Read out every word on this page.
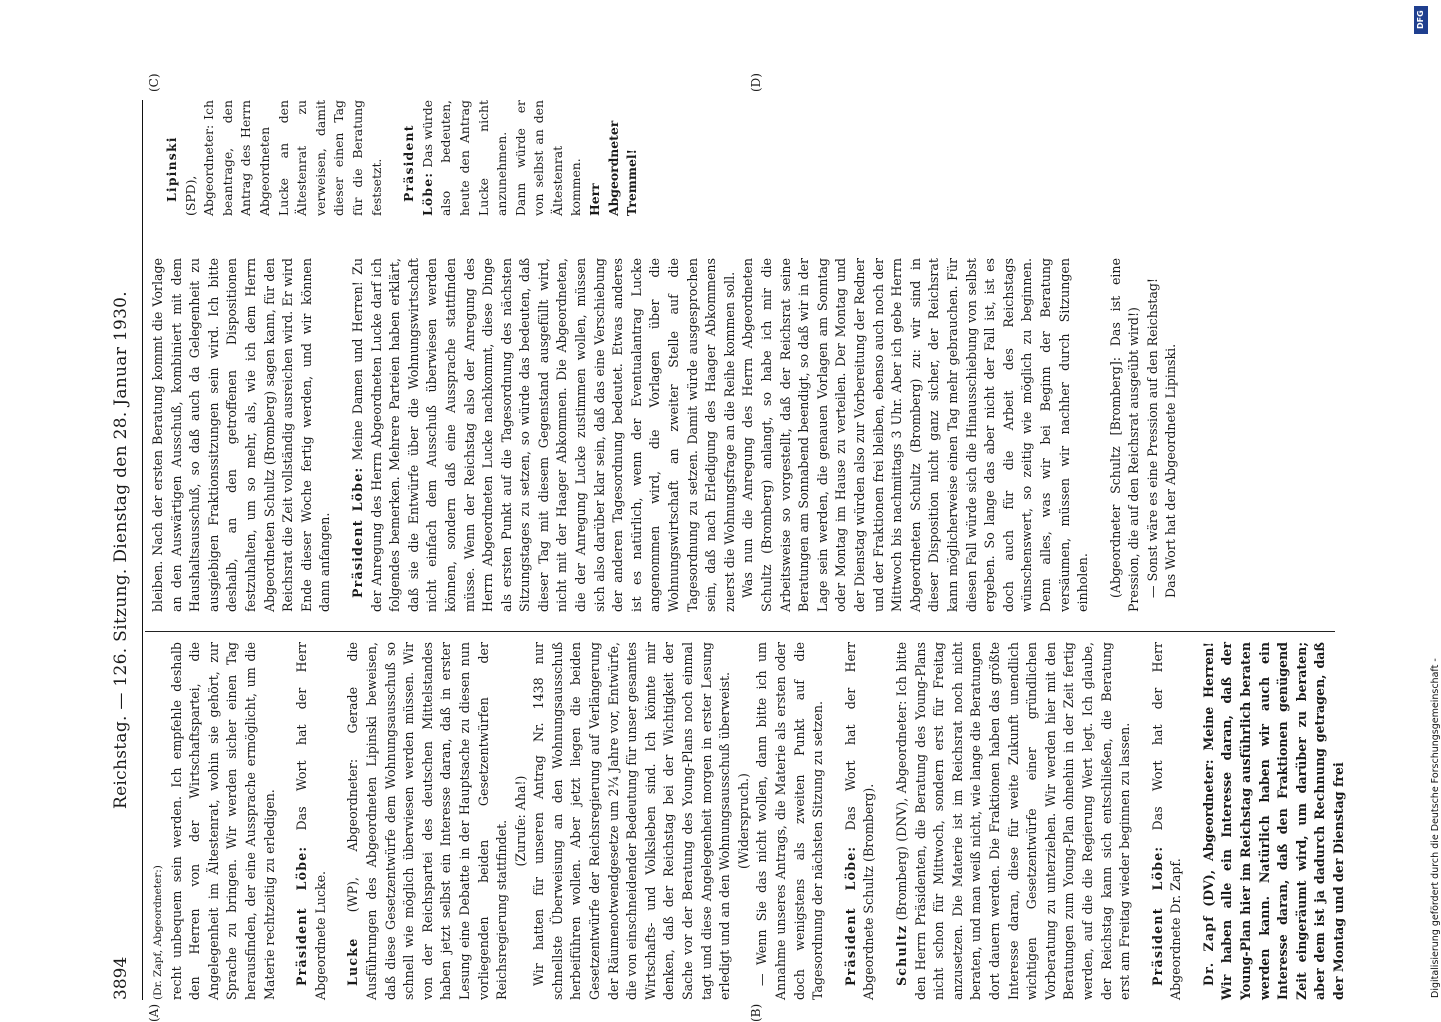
3894
Reichstag. — 126. Sitzung. Dienstag den 28. Januar 1930.
(A)	(B)
(C)	(D)

(Dr. Zapf, Abgeordneter:) recht unbequem sein werden. Ich empfehle deshalb den Herren von der Wirtschaftspartei, die Angelegenheit im Ältestenrat, wohin sie gehört, zur Sprache zu bringen. Wir werden sicher einen Tag herausfinden, der eine Aussprache ermöglicht, um die Materie rechtzeitig zu erledigen. Präsident Löbe: Das Wort hat der Herr Abgeordnete Lucke. Lucke (WP), Abgeordneter: Gerade die Ausführungen des Abgeordneten Lipinski beweisen, daß diese Gesetzentwürfe dem Wohnungsausschuß so schnell wie möglich überwiesen werden müssen. Wir von der Reichspartei des deutschen Mittelstandes haben jetzt selbst ein Interesse daran, daß in erster Lesung eine Debatte in der Hauptsache zu diesen nun vorliegenden beiden Gesetzentwürfen der Reichsregierung stattfindet. (Zurufe: Aha!) Wir hatten für unseren Antrag Nr. 1438 nur schnellste Überweisung an den Wohnungsausschuß herbeiführen wollen. Aber jetzt liegen die beiden Gesetzentwürfe der Reichsregierung auf Verlängerung der Räumenotwendgesetze um 2¼ Jahre vor, Entwürfe, die von einschneidender Bedeutung für unser gesamtes Wirtschafts- und Volksleben sind. Ich könnte mir denken, daß der Reichstag bei der Wichtigkeit der Sache vor der Beratung des Young-Plans noch einmal tagt und diese Angelegenheit morgen in erster Lesung erledigt und an den Wohnungsausschuß überweist. (Widerspruch.) — Wenn Sie das nicht wollen, dann bitte ich um Annahme unseres Antrags, die Materie als ersten oder doch wenigstens als zweiten Punkt auf die Tagesordnung der nächsten Sitzung zu setzen. Präsident Löbe: Das Wort hat der Herr Abgeordnete Schultz (Bromberg). Schultz (Bromberg) (DNV), Abgeordneter: Ich bitte den Herrn Präsidenten, die Beratung des Young-Plans nicht schon für Mittwoch, sondern erst für Freitag anzusetzen. Die Materie ist im Reichsrat noch nicht beraten, und man weiß nicht, wie lange die Beratungen dort dauern werden. Die Fraktionen haben das größte Interesse daran, diese für weite Zukunft unendlich wichtigen Gesetzentwürfe einer gründlichen Vorberatung zu unterziehen. Wir werden hier mit den Beratungen zum Young-Plan ohnehin in der Zeit fertig werden, auf die die Regierung Wert legt. Ich glaube, der Reichstag kann sich entschließen, die Beratung erst am Freitag wieder beginnen zu lassen. Präsident Löbe: Das Wort hat der Herr Abgeordnete Dr. Zapf. Dr. Zapf (DV), Abgeordneter: Meine Herren! Wir haben alle ein Interesse daran, daß der Young-Plan hier im Reichstag ausführlich beraten werden kann. Natürlich haben wir auch ein Interesse daran, daß den Fraktionen genügend Zeit eingeräumt wird, um darüber zu beraten; aber dem ist ja dadurch Rechnung getragen, daß der Montag und der Dienstag frei

bleiben. Nach der ersten Beratung kommt die Vorlage an den Auswärtigen Ausschuß, kombiniert mit dem Haushaltsausschuß, so daß auch da Gelegenheit zu ausgiebigen Fraktionssitzungen sein wird. Ich bitte deshalb, an den getroffenen Dispositionen festzuhalten, um so mehr, als, wie ich dem Herrn Abgeordneten Schultz (Bromberg) sagen kann, für den Reichsrat die Zeit vollständig ausreichen wird. Er wird Ende dieser Woche fertig werden, und wir können dann anfangen. Präsident Löbe: Meine Damen und Herren! Zu der Anregung des Herrn Abgeordneten Lucke darf ich folgendes bemerken. Mehrere Parteien haben erklärt, daß sie die Entwürfe über die Wohnungswirtschaft nicht einfach dem Ausschuß überwiesen werden können, sondern daß eine Aussprache stattfinden müsse. Wenn der Reichstag also der Anregung des Herrn Abgeordneten Lucke nachkommt, diese Dinge als ersten Punkt auf die Tagesordnung des nächsten Sitzungstages zu setzen, so würde das bedeuten, daß dieser Tag mit diesem Gegenstand ausgefüllt wird, nicht mit der Haager Abkommen. Die Abgeordneten, die der Anregung Lucke zustimmen wollen, müssen sich also darüber klar sein, daß das eine Verschiebung der anderen Tagesordnung bedeutet. Etwas anderes ist es natürlich, wenn der Eventualantrag Lucke angenommen wird, die Vorlagen über die Wohnungswirtschaft an zweiter Stelle auf die Tagesordnung zu setzen. Damit würde ausgesprochen sein, daß nach Erledigung des Haager Abkommens zuerst die Wohnungsfrage an die Reihe kommen soll. Was nun die Anregung des Herrn Abgeordneten Schultz (Bromberg) anlangt, so habe ich mir die Arbeitsweise so vorgestellt, daß der Reichsrat seine Beratungen am Sonnabend beendigt, so daß wir in der Lage sein werden, die genauen Vorlagen am Sonntag oder Montag im Hause zu verteilen. Der Montag und der Dienstag würden also zur Vorbereitung der Redner und der Fraktionen frei bleiben, ebenso auch noch der Mittwoch bis nachmittags 3 Uhr. Aber ich gebe Herrn Abgeordneten Schultz (Bromberg) zu: wir sind in dieser Disposition nicht ganz sicher, der Reichsrat kann möglicherweise einen Tag mehr gebrauchen. Für diesen Fall würde sich die Hinausschiebung von selbst ergeben. So lange das aber nicht der Fall ist, ist es doch auch für die Arbeit des Reichstags wünschenswert, so zeitig wie möglich zu beginnen. Denn alles, was wir bei Beginn der Beratung versäumen, müssen wir nachher durch Sitzungen einholen. (Abgeordneter Schultz [Bromberg]: Das ist eine Pression, die auf den Reichsrat ausgeübt wird!) — Sonst wäre es eine Pression auf den Reichstag! Das Wort hat der Abgeordnete Lipinski.

Lipinski (SPD), Abgeordneter: Ich beantrage, den Antrag des Herrn Abgeordneten Lucke an den Ältestenrat zu verweisen, damit dieser einen Tag für die Beratung festsetzt. Präsident Löbe: Das würde also bedeuten, heute den Antrag Lucke nicht anzunehmen. Dann würde er von selbst an den Ältestenrat kommen. Herr Abgeordneter Tremmel!

DFG
Digitalisierung gefördert durch die Deutsche Forschungsgemeinschaft -
